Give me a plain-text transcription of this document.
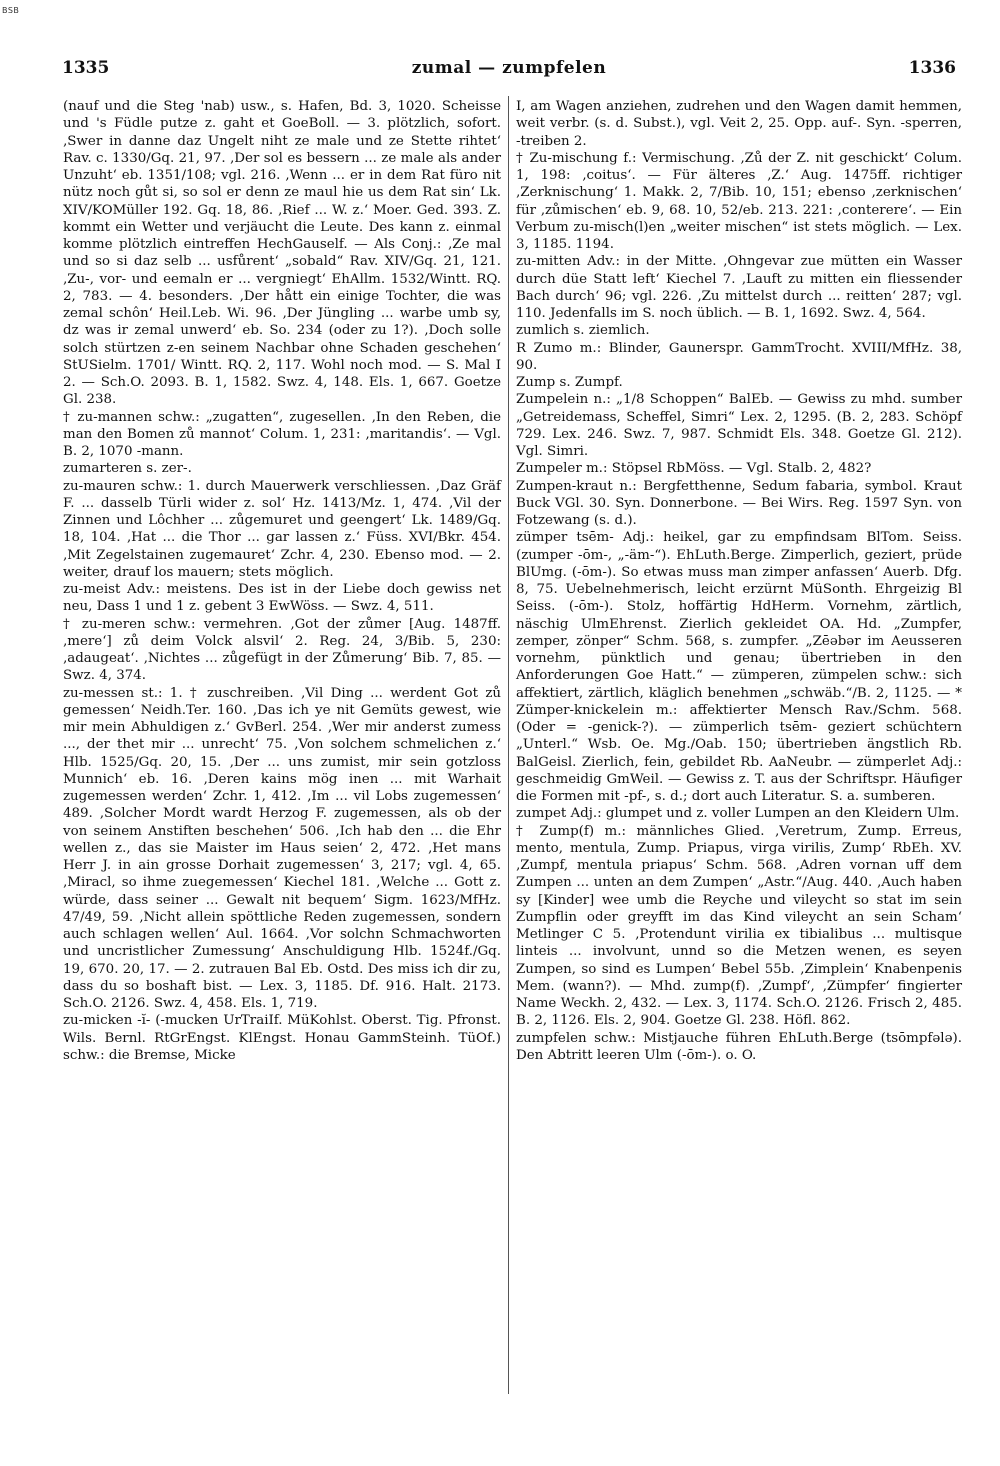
BSB
1335	zumal — zumpfelen	1336

(nauf und die Steg 'nab) usw., s. Hafen, Bd. 3, 1020. Scheisse und 's Füdle putze z. gaht et GoeBoll. — 3. plötzlich, sofort. ‚Swer in danne daz Ungelt niht ze male und ze Stette rihtet‘ Rav. c. 1330/Gq. 21, 97. ‚Der sol es bessern ... ze male als ander Unzuht‘ eb. 1351/108; vgl. 216. ‚Wenn ... er in dem Rat füro nit nütz noch gůt si, so sol er denn ze maul hie us dem Rat sin‘ Lk. XIV/KOMüller 192. Gq. 18, 86. ‚Rief ... W. z.‘ Moer. Ged. 393. Z. kommt ein Wetter und verjäucht die Leute. Des kann z. einmal komme plötzlich eintreffen HechGauself. — Als Conj.: ‚Ze mal und so si daz selb ... usfůrent‘ „sobald“ Rav. XIV/Gq. 21, 121. ‚Zu-, vor- und eemaln er ... vergniegt‘ EhAllm. 1532/Wintt. RQ. 2, 783. — 4. besonders. ‚Der hått ein einige Tochter, die was zemal schôn‘ Heil.Leb. Wi. 96. ‚Der Jüngling ... warbe umb sy, dz was ir zemal unwerd‘ eb. So. 234 (oder zu 1?). ‚Doch solle solch stürtzen z-en seinem Nachbar ohne Schaden geschehen‘ StUSielm. 1701/ Wintt. RQ. 2, 117. Wohl noch mod. — S. Mal I 2. — Sch.O. 2093. B. 1, 1582. Swz. 4, 148. Els. 1, 667. Goetze Gl. 238.

† zu-mannen schw.: „zugatten“, zugesellen. ‚In den Reben, die man den Bomen zů mannot‘ Colum. 1, 231: ‚maritandis‘. — Vgl. B. 2, 1070 -mann.

zumarteren s. zer-.

zu-mauren schw.: 1. durch Mauerwerk verschliessen. ‚Daz Gräf F. ... dasselb Türli wider z. sol‘ Hz. 1413/Mz. 1, 474. ‚Vil der Zinnen und Lôchher ... zůgemuret und geengert‘ Lk. 1489/Gq. 18, 104. ‚Hat ... die Thor ... gar lassen z.‘ Füss. XVI/Bkr. 454. ‚Mit Zegelstainen zugemauret‘ Zchr. 4, 230. Ebenso mod. — 2. weiter, drauf los mauern; stets möglich.

zu-meist Adv.: meistens. Des ist in der Liebe doch gewiss net neu, Dass 1 und 1 z. gebent 3 EwWöss. — Swz. 4, 511.

† zu-meren schw.: vermehren. ‚Got der zůmer [Aug. 1487ff. ‚mere‘] zů deim Volck alsvil‘ 2. Reg. 24, 3/Bib. 5, 230: ‚adaugeat‘. ‚Nichtes ... zůgefügt in der Zůmerung‘ Bib. 7, 85. — Swz. 4, 374.

zu-messen st.: 1. † zuschreiben. ‚Vil Ding ... werdent Got zů gemessen‘ Neidh.Ter. 160. ‚Das ich ye nit Gemüts gewest, wie mir mein Abhuldigen z.‘ GvBerl. 254. ‚Wer mir anderst zumess ..., der thet mir ... unrecht‘ 75. ‚Von solchem schmelichen z.‘ Hlb. 1525/Gq. 20, 15. ‚Der ... uns zumist, mir sein gotzloss Munnich‘ eb. 16. ‚Deren kains mög inen ... mit Warhait zugemessen werden‘ Zchr. 1, 412. ‚Im ... vil Lobs zugemessen‘ 489. ‚Solcher Mordt wardt Herzog F. zugemessen, als ob der von seinem Anstiften beschehen‘ 506. ‚Ich hab den ... die Ehr wellen z., das sie Maister im Haus seien‘ 2, 472. ‚Het mans Herr J. in ain grosse Dorhait zugemessen‘ 3, 217; vgl. 4, 65. ‚Miracl, so ihme zuegemessen‘ Kiechel 181. ‚Welche ... Gott z. würde, dass seiner ... Gewalt nit bequem‘ Sigm. 1623/MfHz. 47/49, 59. ‚Nicht allein spöttliche Reden zugemessen, sondern auch schlagen wellen‘ Aul. 1664. ‚Vor solchn Schmachworten und uncristlicher Zumessung‘ Anschuldigung Hlb. 1524f./Gq. 19, 670. 20, 17. — 2. zutrauen Bal Eb. Ostd. Des miss ich dir zu, dass du so boshaft bist. — Lex. 3, 1185. Df. 916. Halt. 2173. Sch.O. 2126. Swz. 4, 458. Els. 1, 719.

zu-micken -ĭ- (-mucken UrTraiIf. MüKohlst. Oberst. Tig. Pfronst. Wils. Bernl. RtGrEngst. KlEngst. Honau GammSteinh. TüOf.) schw.: die Bremse, Micke

I, am Wagen anziehen, zudrehen und den Wagen damit hemmen, weit verbr. (s. d. Subst.), vgl. Veit 2, 25. Opp. auf-. Syn. -sperren, -treiben 2.

† Zu-mischung f.: Vermischung. ‚Zů der Z. nit geschickt‘ Colum. 1, 198: ‚coitus‘. — Für älteres ‚Z.‘ Aug. 1475ff. richtiger ‚Zerknischung‘ 1. Makk. 2, 7/Bib. 10, 151; ebenso ‚zerknischen‘ für ‚zůmischen‘ eb. 9, 68. 10, 52/eb. 213. 221: ‚conterere‘. — Ein Verbum zu-misch(l)en „weiter mischen“ ist stets möglich. — Lex. 3, 1185. 1194.

zu-mitten Adv.: in der Mitte. ‚Ohngevar zue mütten ein Wasser durch düe Statt left‘ Kiechel 7. ‚Lauft zu mitten ein fliessender Bach durch‘ 96; vgl. 226. ‚Zu mittelst durch ... reitten‘ 287; vgl. 110. Jedenfalls im S. noch üblich. — B. 1, 1692. Swz. 4, 564.

zumlich s. ziemlich.

R Zumo m.: Blinder, Gaunerspr. GammTrocht. XVIII/MfHz. 38, 90.

Zump s. Zumpf.

Zumpelein n.: „1/8 Schoppen“ BalEb. — Gewiss zu mhd. sumber „Getreidemass, Scheffel, Simri“ Lex. 2, 1295. (B. 2, 283. Schöpf 729. Lex. 246. Swz. 7, 987. Schmidt Els. 348. Goetze Gl. 212). Vgl. Simri.

Zumpeler m.: Stöpsel RbMöss. — Vgl. Stalb. 2, 482?

Zumpen-kraut n.: Bergfetthenne, Sedum fabaria, symbol. Kraut Buck VGl. 30. Syn. Donnerbone. — Bei Wirs. Reg. 1597 Syn. von Fotzewang (s. d.).

zümper tsēm- Adj.: heikel, gar zu empfindsam BlTom. Seiss. (zumper -ōm-, „-äm-“). EhLuth.Berge. Zimperlich, geziert, prüde BlUmg. (-ōm-). So etwas muss man zimper anfassen‘ Auerb. Dfg. 8, 75. Uebelnehmerisch, leicht erzürnt MüSonth. Ehrgeizig Bl Seiss. (-ōm-). Stolz, hoffärtig HdHerm. Vornehm, zärtlich, näschig UlmEhrenst. Zierlich gekleidet OA. Hd. „Zumpfer, zemper, zönper“ Schm. 568, s. zumpfer. „Zēəbər im Aeusseren vornehm, pünktlich und genau; übertrieben in den Anforderungen Goe Hatt.“ — zümperen, zümpelen schw.: sich affektiert, zärtlich, kläglich benehmen „schwäb.“/B. 2, 1125. — * Zümper-knickelein m.: affektierter Mensch Rav./Schm. 568. (Oder = -genick-?). — zümperlich tsēm- geziert schüchtern „Unterl.“ Wsb. Oe. Mg./Oab. 150; übertrieben ängstlich Rb. BalGeisl. Zierlich, fein, gebildet Rb. AaNeubr. — zümperlet Adj.: geschmeidig GmWeil. — Gewiss z. T. aus der Schriftspr. Häufiger die Formen mit -pf-, s. d.; dort auch Literatur. S. a. sumberen.

zumpet Adj.: glumpet und z. voller Lumpen an den Kleidern Ulm.

† Zump(f) m.: männliches Glied. ‚Veretrum, Zump. Erreus, mento, mentula, Zump. Priapus, virga virilis, Zump‘ RbEh. XV. ‚Zumpf, mentula priapus‘ Schm. 568. ‚Adren vornan uff dem Zumpen ... unten an dem Zumpen‘ „Astr.“/Aug. 440. ‚Auch haben sy [Kinder] wee umb die Reyche und vileycht so stat im sein Zumpflin oder greyfft im das Kind vileycht an sein Scham‘ Metlinger C 5. ‚Protendunt virilia ex tibialibus ... multisque linteis ... involvunt, unnd so die Metzen wenen, es seyen Zumpen, so sind es Lumpen‘ Bebel 55b. ‚Zimplein‘ Knabenpenis Mem. (wann?). — Mhd. zump(f). ‚Zumpf‘, ‚Zümpfer‘ fingierter Name Weckh. 2, 432. — Lex. 3, 1174. Sch.O. 2126. Frisch 2, 485. B. 2, 1126. Els. 2, 904. Goetze Gl. 238. Höfl. 862.

zumpfelen schw.: Mistjauche führen EhLuth.Berge (tsōmpfələ). Den Abtritt leeren Ulm (-ōm-). o. O.
